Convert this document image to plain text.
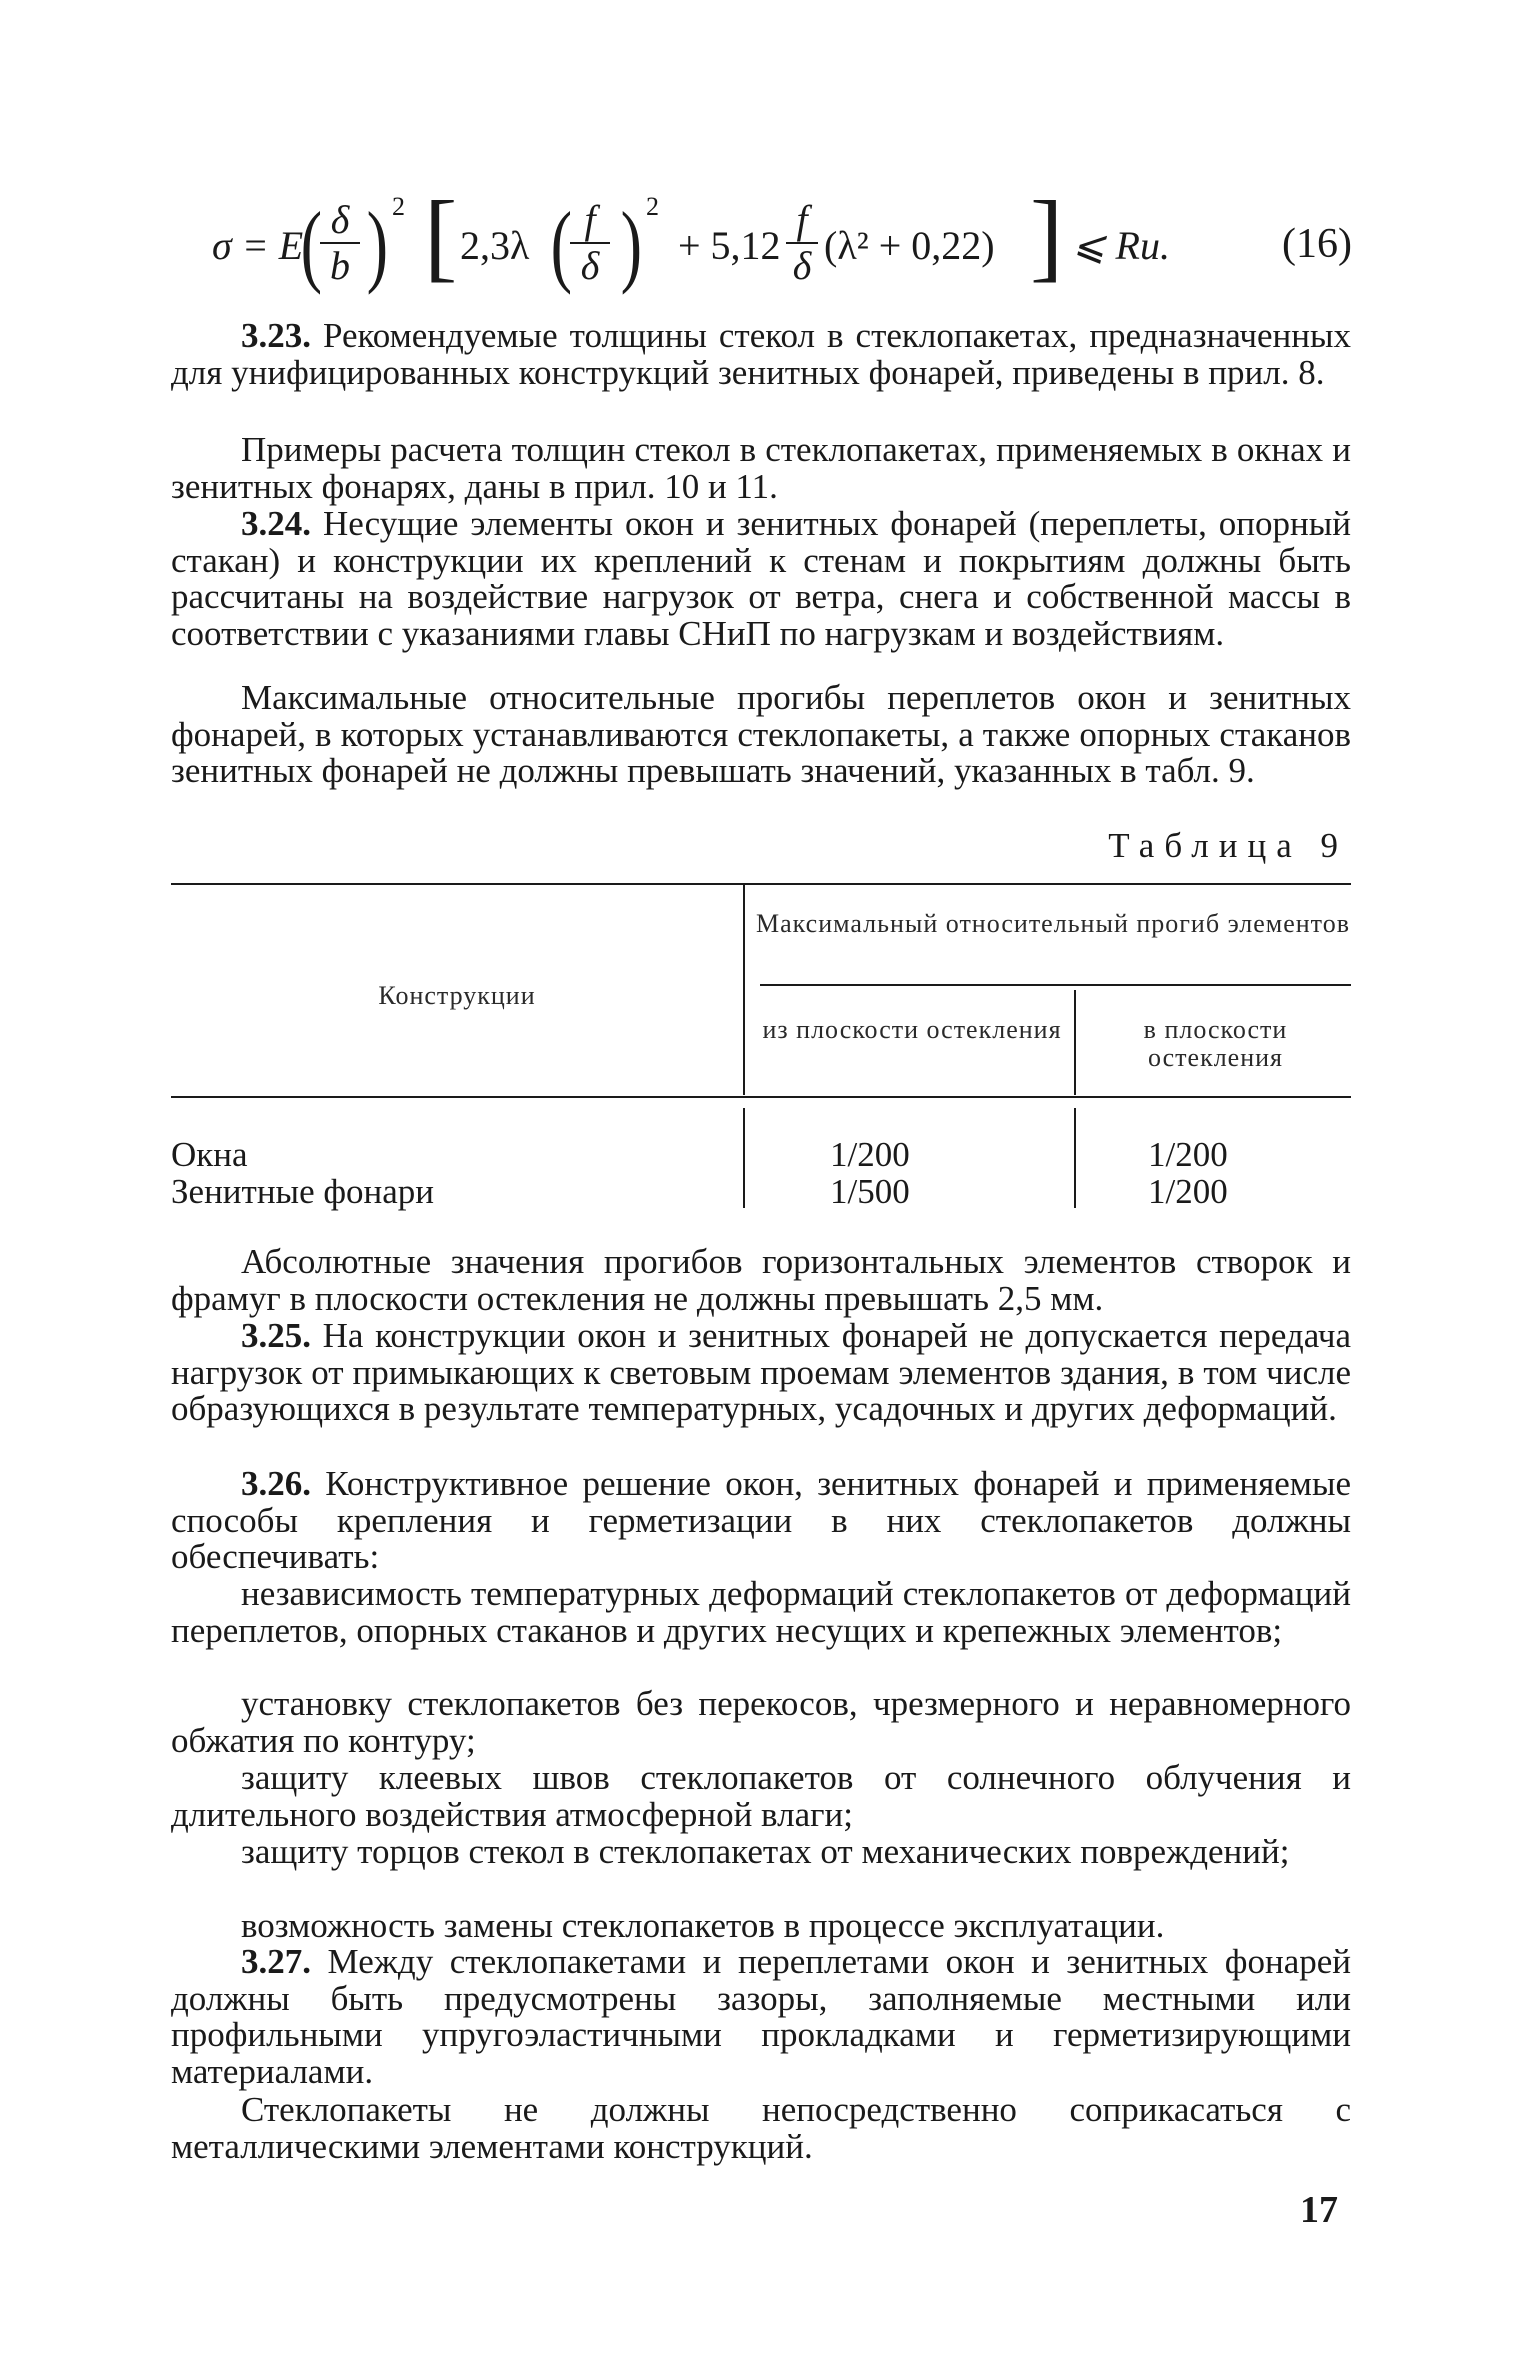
σ = E
(
$\frac{\delta}{b}$ ) 2 [ 2,3λ (
$\frac{f}{\delta}$ ) 2
+ $5,12 \frac{f}{\delta} (\lambda^2 + 0,22)$ ] ⩽ Rи.	(16)
3.23. Рекомендуемые толщины стекол в стеклопакетах, предназначенных для унифицированных конструкций зенитных фонарей, приведены в прил. 8.
Примеры расчета толщин стекол в стеклопакетах, применяемых в окнах и зенитных фонарях, даны в прил. 10 и 11.
3.24. Несущие элементы окон и зенитных фонарей (переплеты, опорный стакан) и конструкции их креплений к стенам и покрытиям должны быть рассчитаны на воздействие нагрузок от ветра, снега и собственной массы в соответствии с указаниями главы СНиП по нагрузкам и воздействиям.
Максимальные относительные прогибы переплетов окон и зенитных фонарей, в которых устанавливаются стеклопакеты, а также опорных стаканов зенитных фонарей не должны превышать значений, указанных в табл. 9.
Таблица 9
Конструкции
Максимальный относительный прогиб элементов
из плоскости остекления	в плоскости остекления
Окна	1/200	1/200
Зенитные фонари	1/500	1/200
Абсолютные значения прогибов горизонтальных элементов створок и фрамуг в плоскости остекления не должны превышать 2,5 мм.
3.25. На конструкции окон и зенитных фонарей не допускается передача нагрузок от примыкающих к световым проемам элементов здания, в том числе образующихся в результате температурных, усадочных и других деформаций.
3.26. Конструктивное решение окон, зенитных фонарей и применяемые способы крепления и герметизации в них стеклопакетов должны обеспечивать:
независимость температурных деформаций стеклопакетов от деформаций переплетов, опорных стаканов и других несущих и крепежных элементов;
установку стеклопакетов без перекосов, чрезмерного и неравномерного обжатия по контуру;
защиту клеевых швов стеклопакетов от солнечного облучения и длительного воздействия атмосферной влаги;
защиту торцов стекол в стеклопакетах от механических повреждений;
возможность замены стеклопакетов в процессе эксплуатации.
3.27. Между стеклопакетами и переплетами окон и зенитных фонарей должны быть предусмотрены зазоры, заполняемые местными или профильными упругоэластичными прокладками и герметизирующими материалами.
Стеклопакеты не должны непосредственно соприкасаться с металлическими элементами конструкций.
17
